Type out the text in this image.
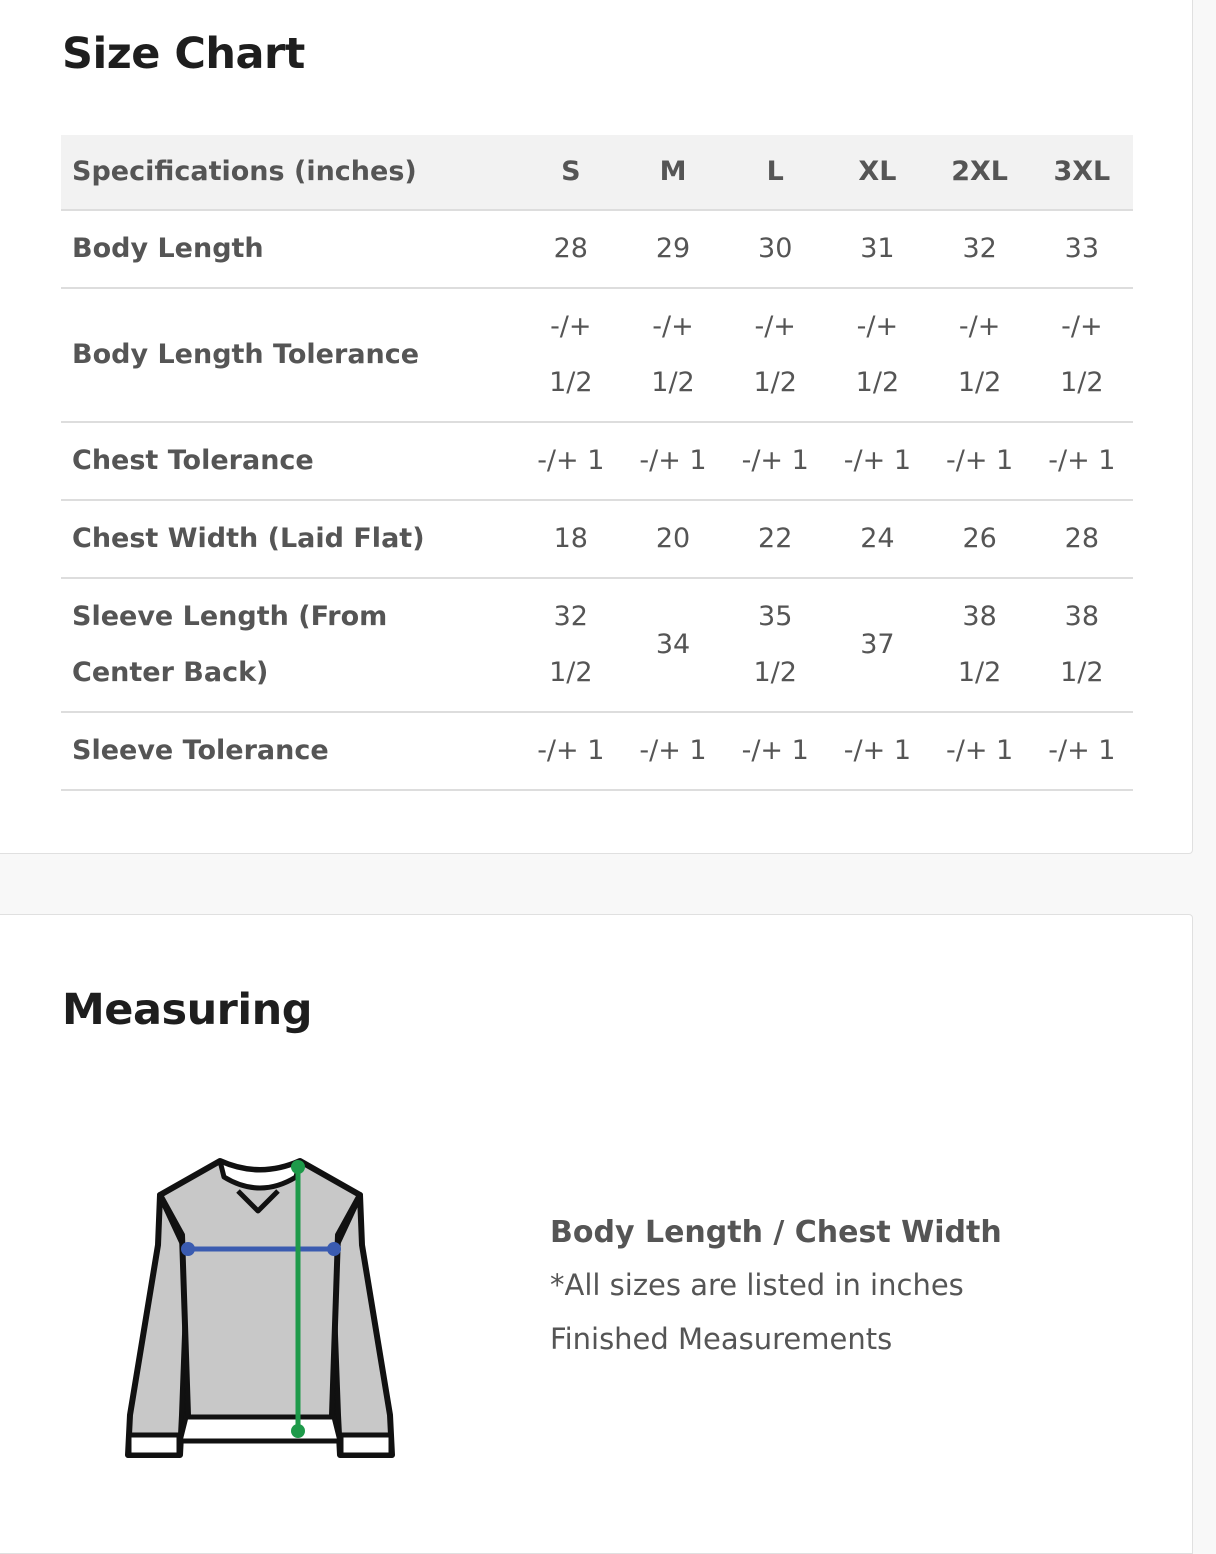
Size Chart
Specifications (inches)	S	M	L	XL	2XL	3XL
Body Length	28	29	30	31	32	33
Body Length Tolerance	-/+ 1/2	-/+ 1/2	-/+ 1/2	-/+ 1/2	-/+ 1/2	-/+ 1/2
Chest Tolerance	-/+ 1	-/+ 1	-/+ 1	-/+ 1	-/+ 1	-/+ 1
Chest Width (Laid Flat)	18	20	22	24	26	28
Sleeve Length (From Center Back)	32 1/2	34	35 1/2	37	38 1/2	38 1/2
Sleeve Tolerance	-/+ 1	-/+ 1	-/+ 1	-/+ 1	-/+ 1	-/+ 1
Measuring

Body Length / Chest Width

*All sizes are listed in inches

Finished Measurements
